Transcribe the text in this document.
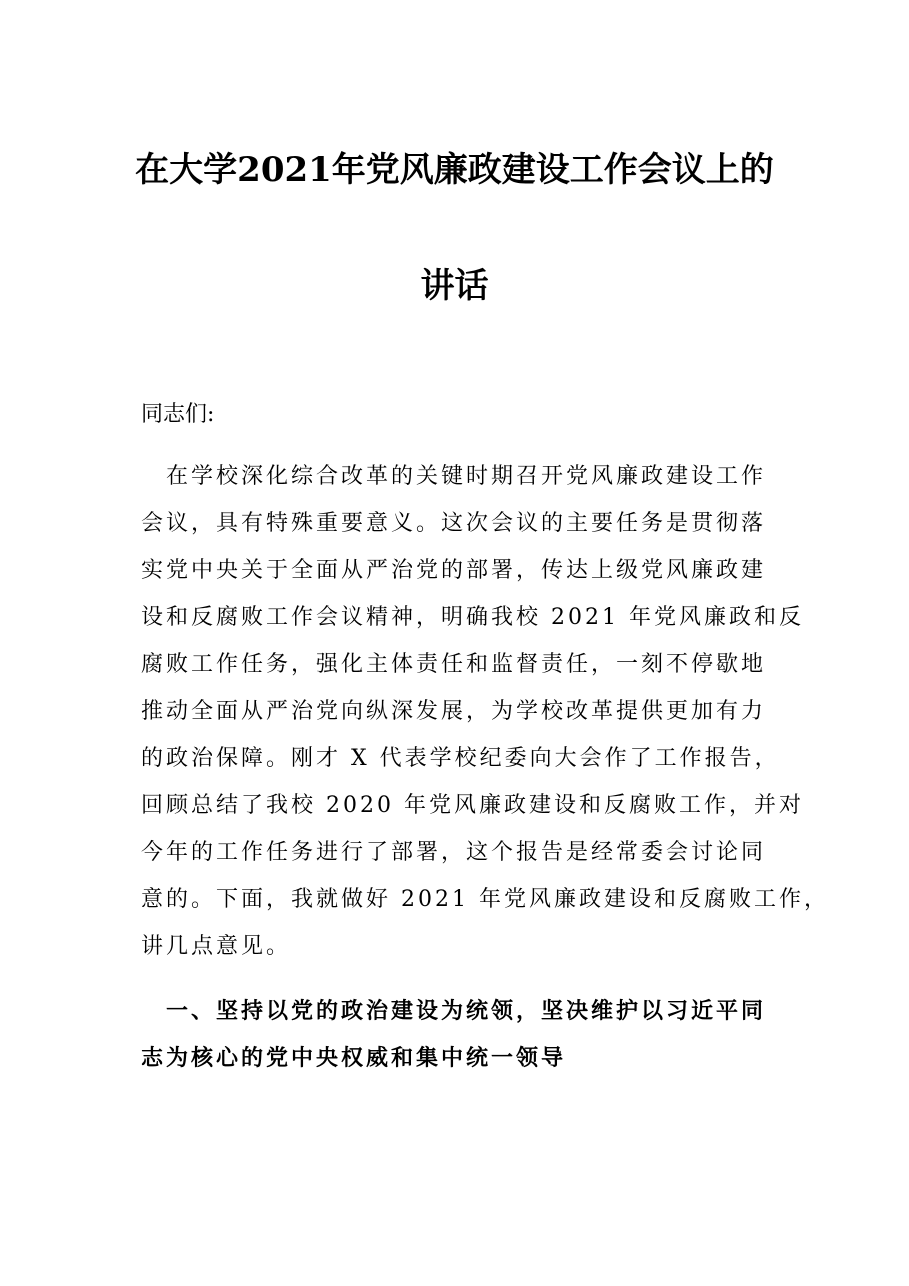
在大学2021年党风廉政建设工作会议上的
讲话
同志们:
　在学校深化综合改革的关键时期召开党风廉政建设工作
会议，具有特殊重要意义。这次会议的主要任务是贯彻落
实党中央关于全面从严治党的部署，传达上级党风廉政建
设和反腐败工作会议精神，明确我校 2021 年党风廉政和反
腐败工作任务，强化主体责任和监督责任，一刻不停歇地
推动全面从严治党向纵深发展，为学校改革提供更加有力
的政治保障。刚才 X 代表学校纪委向大会作了工作报告，
回顾总结了我校 2020 年党风廉政建设和反腐败工作，并对
今年的工作任务进行了部署，这个报告是经常委会讨论同
意的。下面，我就做好 2021 年党风廉政建设和反腐败工作，
讲几点意见。
　一、坚持以党的政治建设为统领，坚决维护以习近平同
志为核心的党中央权威和集中统一领导
